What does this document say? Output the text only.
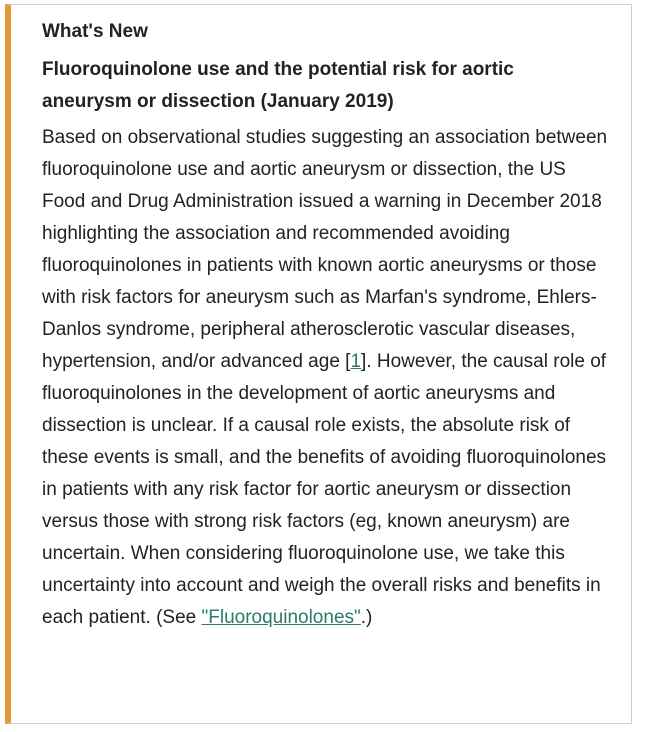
What's New
Fluoroquinolone use and the potential risk for aortic
aneurysm or dissection (January 2019)

Based on observational studies suggesting an association between fluoroquinolone use and aortic aneurysm or dissection, the US Food and Drug Administration issued a warning in December 2018 highlighting the association and recommended avoiding fluoroquinolones in patients with known aortic aneurysms or those with risk factors for aneurysm such as Marfan's syndrome, Ehlers-Danlos syndrome, peripheral atherosclerotic vascular diseases, hypertension, and/or advanced age [1]. However, the causal role of fluoroquinolones in the development of aortic aneurysms and dissection is unclear. If a causal role exists, the absolute risk of these events is small, and the benefits of avoiding fluoroquinolones in patients with any risk factor for aortic aneurysm or dissection versus those with strong risk factors (eg, known aneurysm) are uncertain. When considering fluoroquinolone use, we take this uncertainty into account and weigh the overall risks and benefits in each patient. (See "Fluoroquinolones".)
